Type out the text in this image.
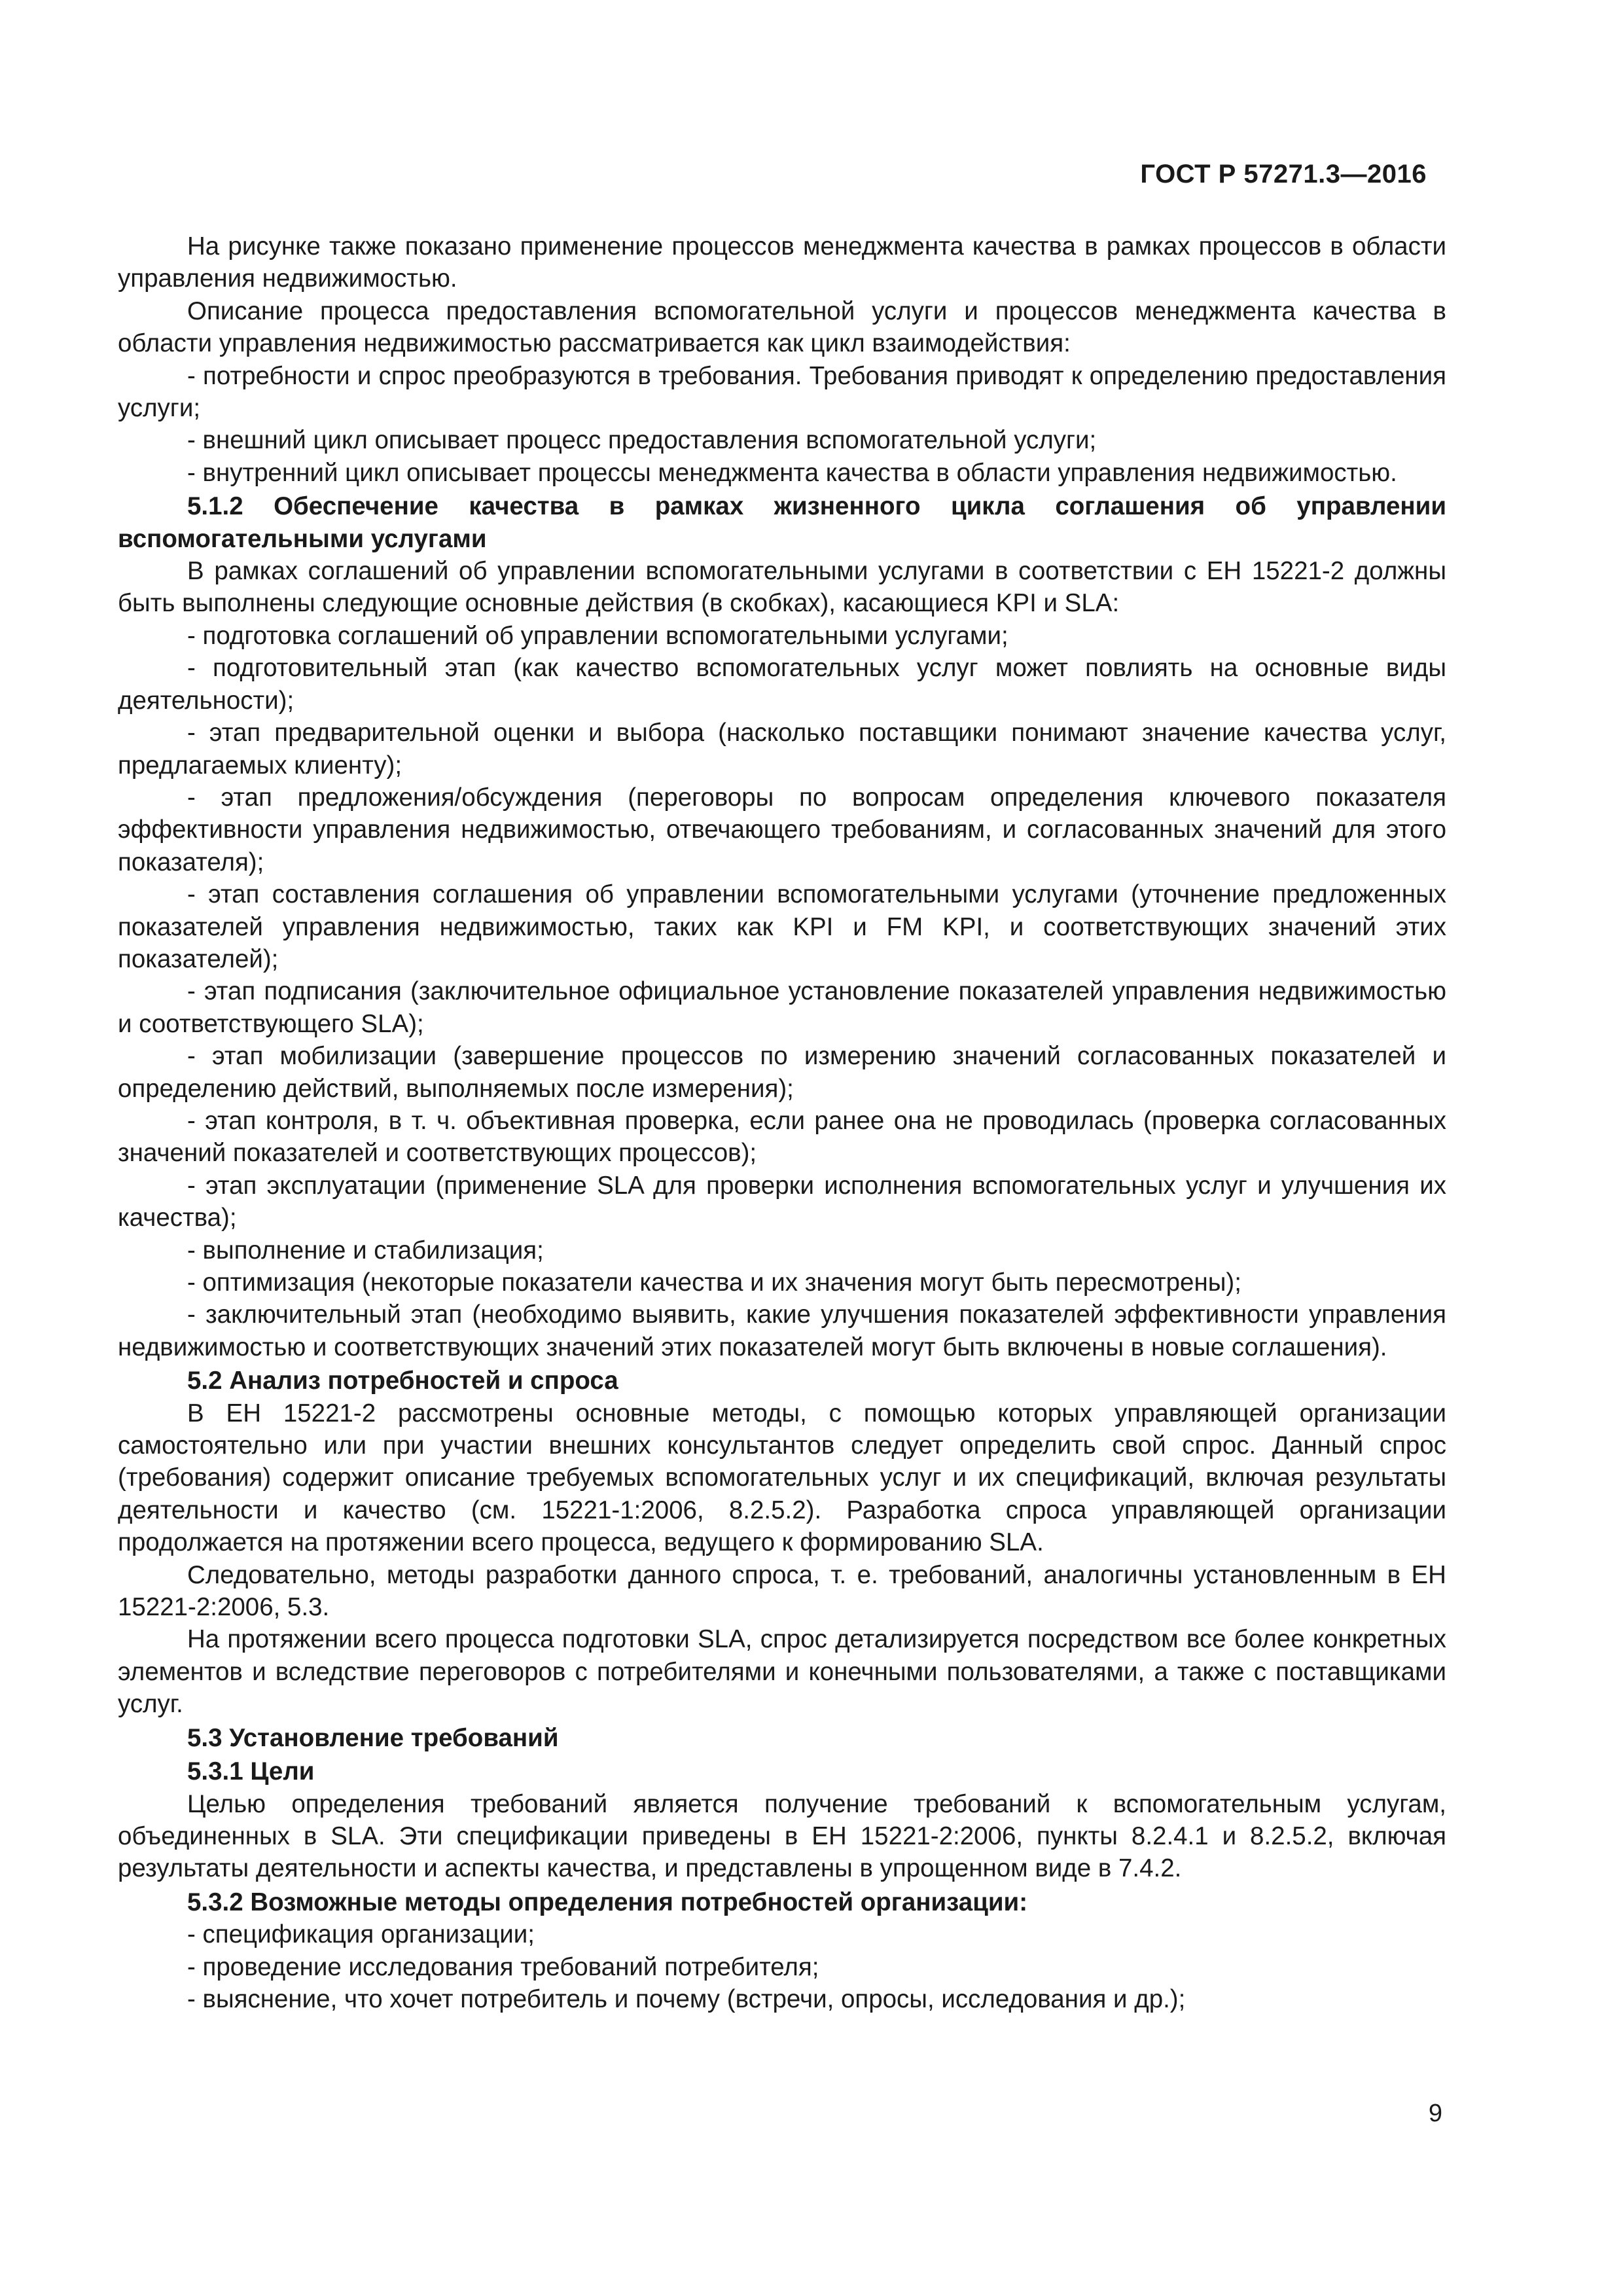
ГОСТ Р 57271.3—2016

На рисунке также показано применение процессов менеджмента качества в рамках процессов в области управления недвижимостью.

Описание процесса предоставления вспомогательной услуги и процессов менеджмента качества в области управления недвижимостью рассматривается как цикл взаимодействия:

- потребности и спрос преобразуются в требования. Требования приводят к определению предоставления услуги;

- внешний цикл описывает процесс предоставления вспомогательной услуги;

- внутренний цикл описывает процессы менеджмента качества в области управления недвижимостью.

5.1.2 Обеспечение качества в рамках жизненного цикла соглашения об управлении вспомогательными услугами

В рамках соглашений об управлении вспомогательными услугами в соответствии с ЕН 15221-2 должны быть выполнены следующие основные действия (в скобках), касающиеся KPI и SLA:

- подготовка соглашений об управлении вспомогательными услугами;

- подготовительный этап (как качество вспомогательных услуг может повлиять на основные виды деятельности);

- этап предварительной оценки и выбора (насколько поставщики понимают значение качества услуг, предлагаемых клиенту);

- этап предложения/обсуждения (переговоры по вопросам определения ключевого показателя эффективности управления недвижимостью, отвечающего требованиям, и согласованных значений для этого показателя);

- этап составления соглашения об управлении вспомогательными услугами (уточнение предложенных показателей управления недвижимостью, таких как KPI и FM KPI, и соответствующих значений этих показателей);

- этап подписания (заключительное официальное установление показателей управления недвижимостью и соответствующего SLA);

- этап мобилизации (завершение процессов по измерению значений согласованных показателей и определению действий, выполняемых после измерения);

- этап контроля, в т. ч. объективная проверка, если ранее она не проводилась (проверка согласованных значений показателей и соответствующих процессов);

- этап эксплуатации (применение SLA для проверки исполнения вспомогательных услуг и улучшения их качества);

- выполнение и стабилизация;

- оптимизация (некоторые показатели качества и их значения могут быть пересмотрены);

- заключительный этап (необходимо выявить, какие улучшения показателей эффективности управления недвижимостью и соответствующих значений этих показателей могут быть включены в новые соглашения).

5.2 Анализ потребностей и спроса

В ЕН 15221-2 рассмотрены основные методы, с помощью которых управляющей организации самостоятельно или при участии внешних консультантов следует определить свой спрос. Данный спрос (требования) содержит описание требуемых вспомогательных услуг и их спецификаций, включая результаты деятельности и качество (см. 15221-1:2006, 8.2.5.2). Разработка спроса управляющей организации продолжается на протяжении всего процесса, ведущего к формированию SLA.

Следовательно, методы разработки данного спроса, т. е. требований, аналогичны установленным в ЕН 15221-2:2006, 5.3.

На протяжении всего процесса подготовки SLA, спрос детализируется посредством все более конкретных элементов и вследствие переговоров с потребителями и конечными пользователями, а также с поставщиками услуг.

5.3 Установление требований

5.3.1 Цели

Целью определения требований является получение требований к вспомогательным услугам, объединенных в SLA. Эти спецификации приведены в ЕН 15221-2:2006, пункты 8.2.4.1 и 8.2.5.2, включая результаты деятельности и аспекты качества, и представлены в упрощенном виде в 7.4.2.

5.3.2 Возможные методы определения потребностей организации:

- спецификация организации;

- проведение исследования требований потребителя;

- выяснение, что хочет потребитель и почему (встречи, опросы, исследования и др.);

9
